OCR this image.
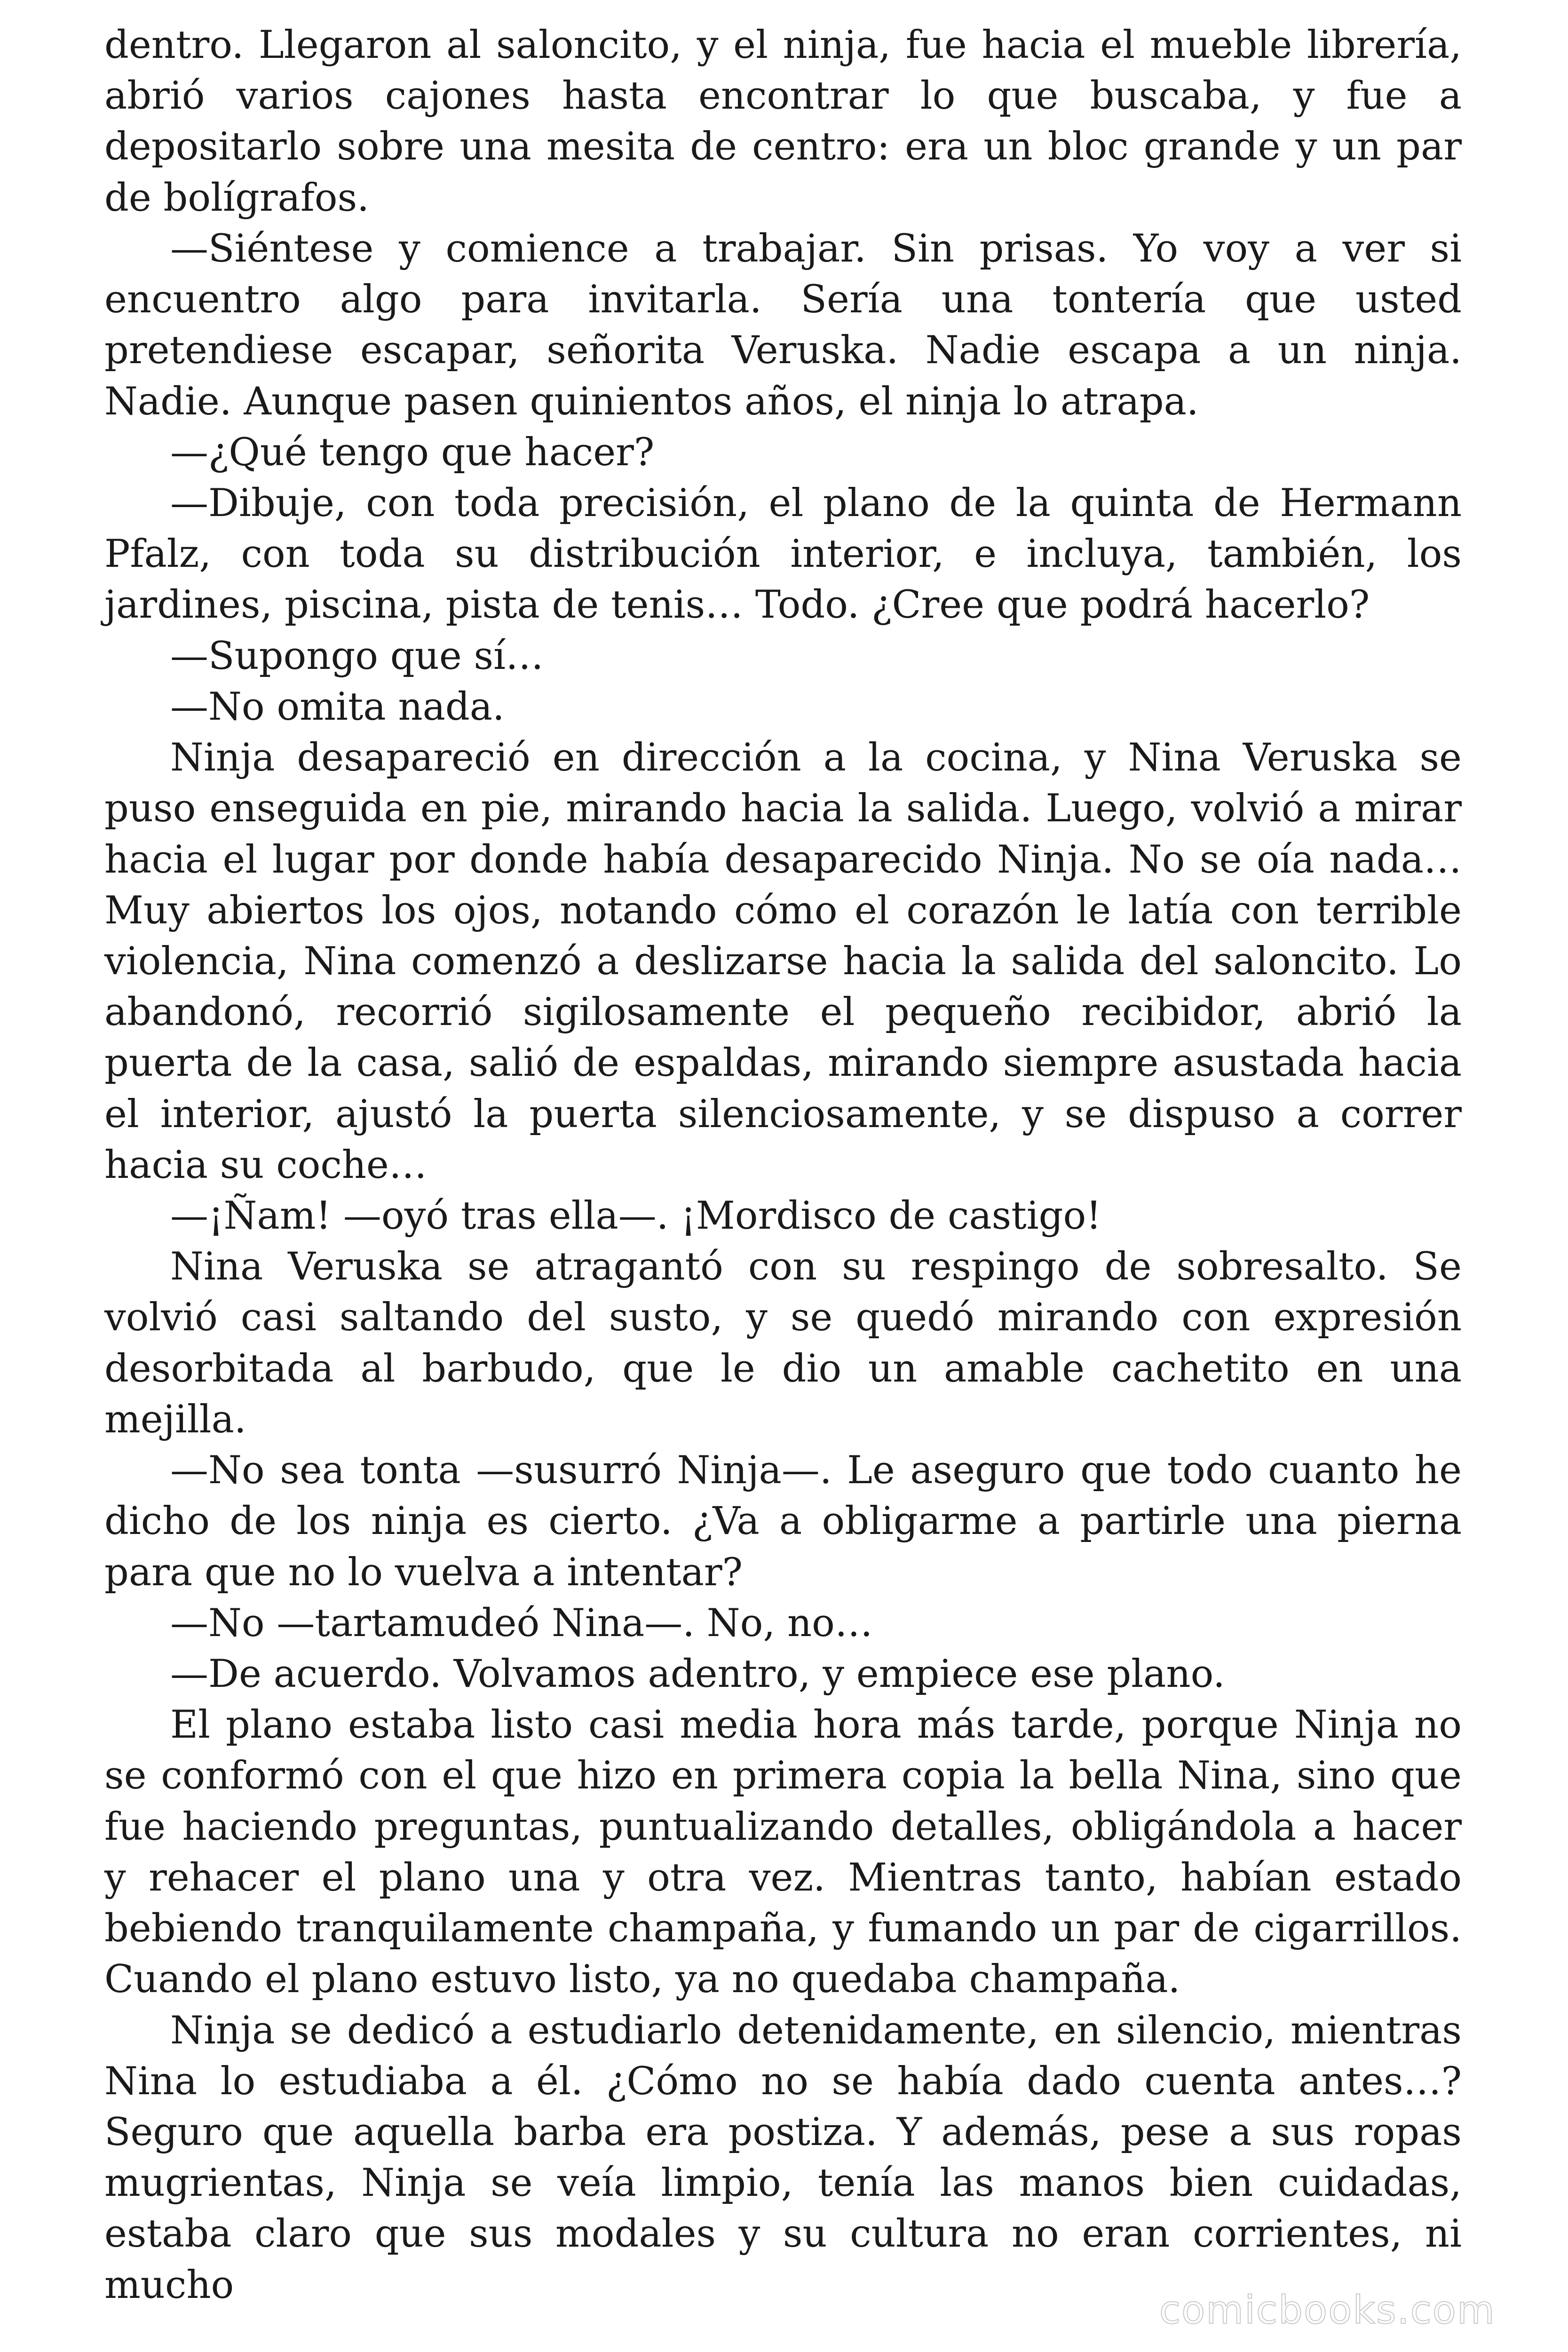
dentro. Llegaron al saloncito, y el ninja, fue hacia el mueble librería, abrió varios cajones hasta encontrar lo que buscaba, y fue a depositarlo sobre una mesita de centro: era un bloc grande y un par de bolígrafos.

—Siéntese y comience a trabajar. Sin prisas. Yo voy a ver si encuentro algo para invitarla. Sería una tontería que usted pretendiese escapar, señorita Veruska. Nadie escapa a un ninja. Nadie. Aunque pasen quinientos años, el ninja lo atrapa.

—¿Qué tengo que hacer?

—Dibuje, con toda precisión, el plano de la quinta de Hermann Pfalz, con toda su distribución interior, e incluya, también, los jardines, piscina, pista de tenis… Todo. ¿Cree que podrá hacerlo?

—Supongo que sí…

—No omita nada.

Ninja desapareció en dirección a la cocina, y Nina Veruska se puso enseguida en pie, mirando hacia la salida. Luego, volvió a mirar hacia el lugar por donde había desaparecido Ninja. No se oía nada… Muy abiertos los ojos, notando cómo el corazón le latía con terrible violencia, Nina comenzó a deslizarse hacia la salida del saloncito. Lo abandonó, recorrió sigilosamente el pequeño recibidor, abrió la puerta de la casa, salió de espaldas, mirando siempre asustada hacia el interior, ajustó la puerta silenciosamente, y se dispuso a correr hacia su coche…

—¡Ñam! —oyó tras ella—. ¡Mordisco de castigo!

Nina Veruska se atragantó con su respingo de sobresalto. Se volvió casi saltando del susto, y se quedó mirando con expresión desorbitada al barbudo, que le dio un amable cachetito en una mejilla.

—No sea tonta —susurró Ninja—. Le aseguro que todo cuanto he dicho de los ninja es cierto. ¿Va a obligarme a partirle una pierna para que no lo vuelva a intentar?

—No —tartamudeó Nina—. No, no…

—De acuerdo. Volvamos adentro, y empiece ese plano.

El plano estaba listo casi media hora más tarde, porque Ninja no se conformó con el que hizo en primera copia la bella Nina, sino que fue haciendo preguntas, puntualizando detalles, obligándola a hacer y rehacer el plano una y otra vez. Mientras tanto, habían estado bebiendo tranquilamente champaña, y fumando un par de cigarrillos. Cuando el plano estuvo listo, ya no quedaba champaña.

Ninja se dedicó a estudiarlo detenidamente, en silencio, mientras Nina lo estudiaba a él. ¿Cómo no se había dado cuenta antes…? Seguro que aquella barba era postiza. Y además, pese a sus ropas mugrientas, Ninja se veía limpio, tenía las manos bien cuidadas, estaba claro que sus modales y su cultura no eran corrientes, ni mucho

comicbooks.com
